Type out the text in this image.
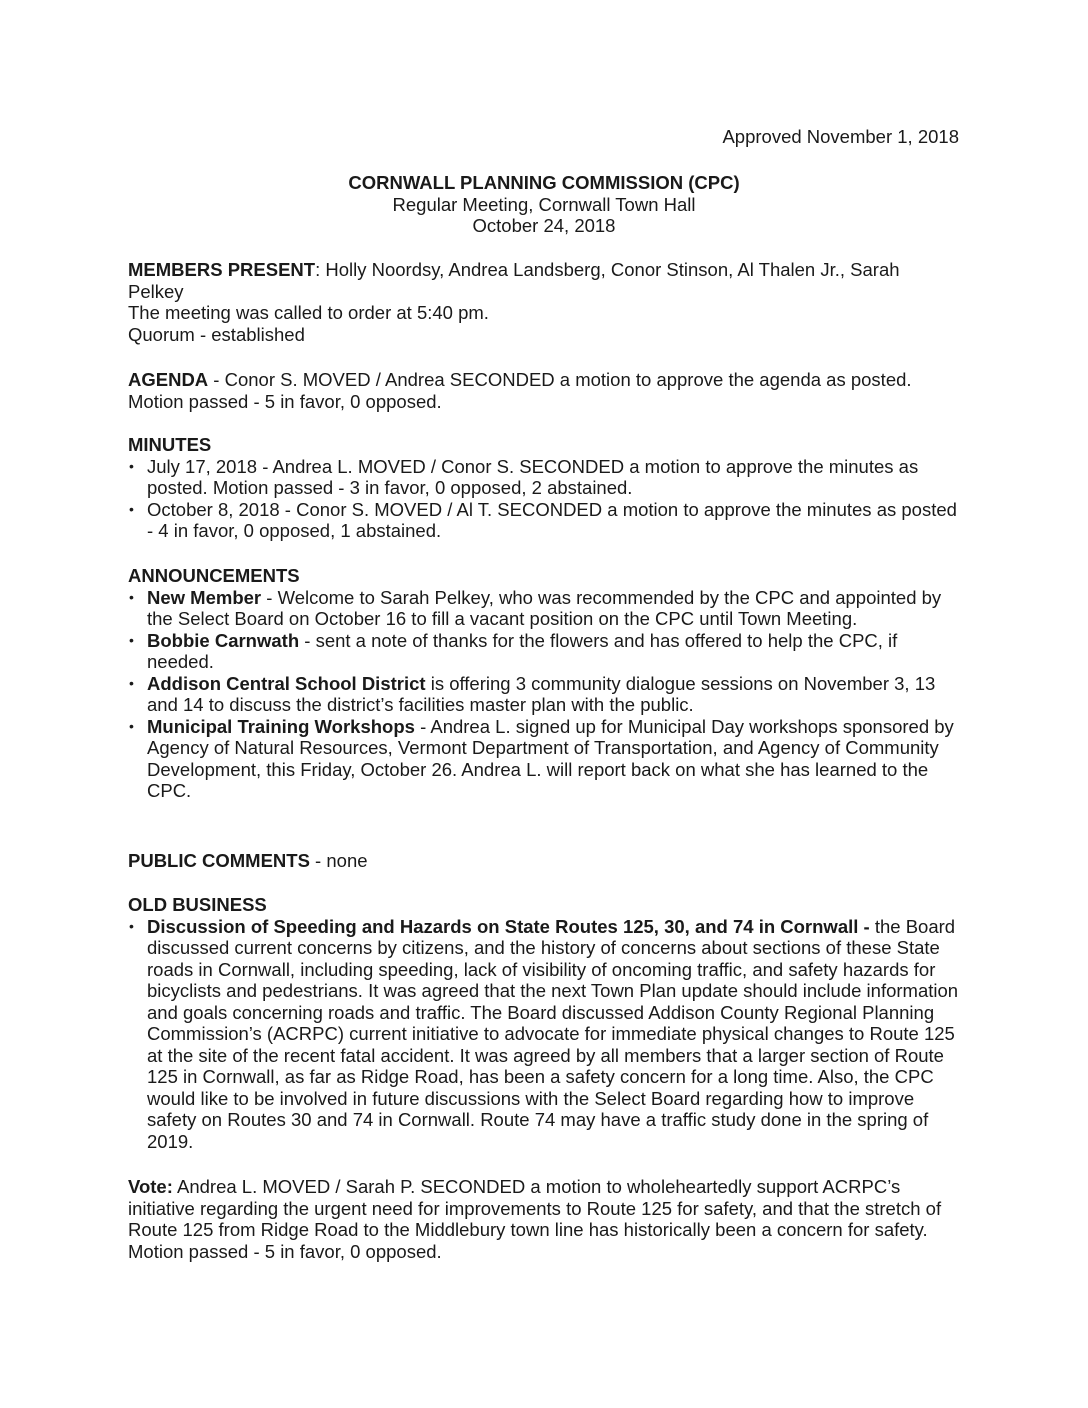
Approved November 1, 2018
CORNWALL PLANNING COMMISSION (CPC)
Regular Meeting, Cornwall Town Hall
October 24, 2018

MEMBERS PRESENT: Holly Noordsy, Andrea Landsberg, Conor Stinson, Al Thalen Jr., Sarah Pelkey

The meeting was called to order at 5:40 pm.

Quorum - established

AGENDA - Conor S. MOVED / Andrea SECONDED a motion to approve the agenda as posted. Motion passed - 5 in favor, 0 opposed.

MINUTES

• July 17, 2018 - Andrea L. MOVED / Conor S. SECONDED a motion to approve the minutes as posted. Motion passed - 3 in favor, 0 opposed, 2 abstained.
• October 8, 2018 - Conor S. MOVED / Al T. SECONDED a motion to approve the minutes as posted - 4 in favor, 0 opposed, 1 abstained.

ANNOUNCEMENTS

• New Member - Welcome to Sarah Pelkey, who was recommended by the CPC and appointed by the Select Board on October 16 to fill a vacant position on the CPC until Town Meeting.
• Bobbie Carnwath - sent a note of thanks for the flowers and has offered to help the CPC, if needed.
• Addison Central School District is offering 3 community dialogue sessions on November 3, 13 and 14 to discuss the district’s facilities master plan with the public.
• Municipal Training Workshops - Andrea L. signed up for Municipal Day workshops sponsored by Agency of Natural Resources, Vermont Department of Transportation, and Agency of Community Development, this Friday, October 26. Andrea L. will report back on what she has learned to the CPC.

PUBLIC COMMENTS - none

OLD BUSINESS

• Discussion of Speeding and Hazards on State Routes 125, 30, and 74 in Cornwall - the Board discussed current concerns by citizens, and the history of concerns about sections of these State roads in Cornwall, including speeding, lack of visibility of oncoming traffic, and safety hazards for bicyclists and pedestrians. It was agreed that the next Town Plan update should include information and goals concerning roads and traffic. The Board discussed Addison County Regional Planning Commission’s (ACRPC) current initiative to advocate for immediate physical changes to Route 125 at the site of the recent fatal accident. It was agreed by all members that a larger section of Route 125 in Cornwall, as far as Ridge Road, has been a safety concern for a long time. Also, the CPC would like to be involved in future discussions with the Select Board regarding how to improve safety on Routes 30 and 74 in Cornwall. Route 74 may have a traffic study done in the spring of 2019.

Vote: Andrea L. MOVED / Sarah P. SECONDED a motion to wholeheartedly support ACRPC’s initiative regarding the urgent need for improvements to Route 125 for safety, and that the stretch of Route 125 from Ridge Road to the Middlebury town line has historically been a concern for safety. Motion passed - 5 in favor, 0 opposed.
